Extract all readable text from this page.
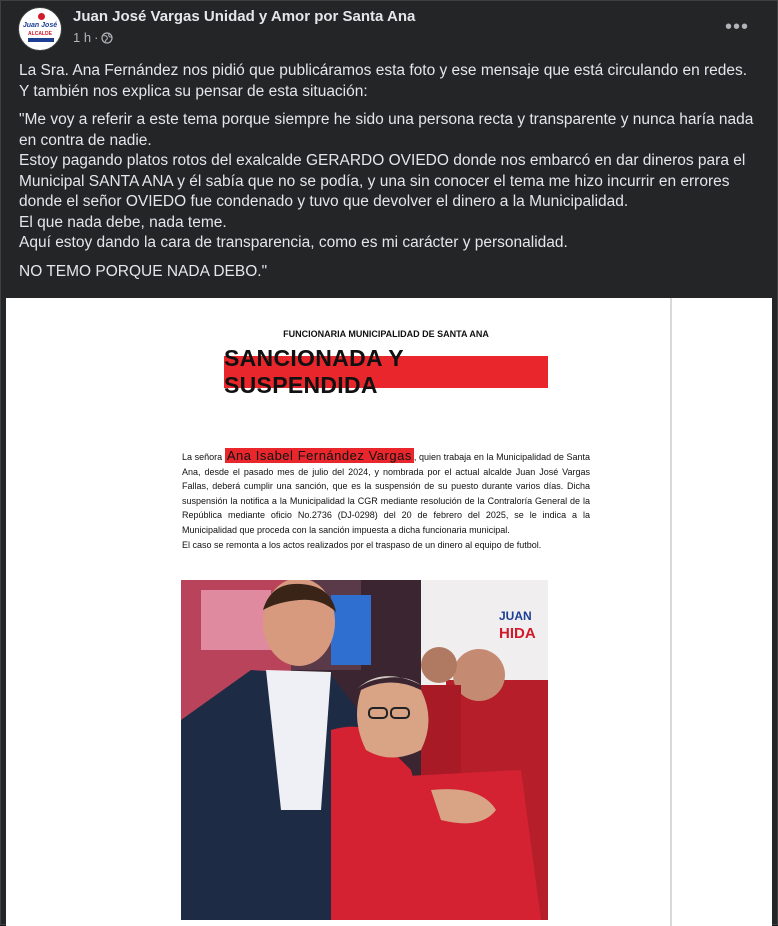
Juan José
ALCALDE
Juan José Vargas Unidad y Amor por Santa Ana
1 h ·	•••

La Sra. Ana Fernández nos pidió que publicáramos esta foto y ese mensaje que está circulando en redes.

Y también nos explica su pensar de esta situación:

"Me voy a referir a este tema porque siempre he sido una persona recta y transparente y nunca haría nada

en contra de nadie.

Estoy pagando platos rotos del exalcalde GERARDO OVIEDO donde nos embarcó en dar dineros para el

Municipal SANTA ANA y él sabía que no se podía, y una sin conocer el tema me hizo incurrir en errores

donde el señor OVIEDO fue condenado y tuvo que devolver el dinero a la Municipalidad.

El que nada debe, nada teme.

Aquí estoy dando la cara de transparencia, como es mi carácter y personalidad.

NO TEMO PORQUE NADA DEBO."

FUNCIONARIA MUNICIPALIDAD DE SANTA ANA
SANCIONADA Y SUSPENDIDA
La señora Ana Isabel Fernández Vargas , quien trabaja en la Municipalidad de Santa Ana, desde el pasado mes de julio del 2024, y nombrada por el actual alcalde Juan José Vargas Fallas, deberá cumplir una sanción, que es la suspensión de su puesto durante varios días. Dicha suspensión la notifica a la Municipalidad la CGR mediante resolución de la Contraloría General de la República mediante oficio No.2736 (DJ-0298) del 20 de febrero del 2025, se le indica a la Municipalidad que proceda con la sanción impuesta a dicha funcionaria municipal.
El caso se remonta a los actos realizados por el traspaso de un dinero al equipo de futbol.
JUAN
HIDA
